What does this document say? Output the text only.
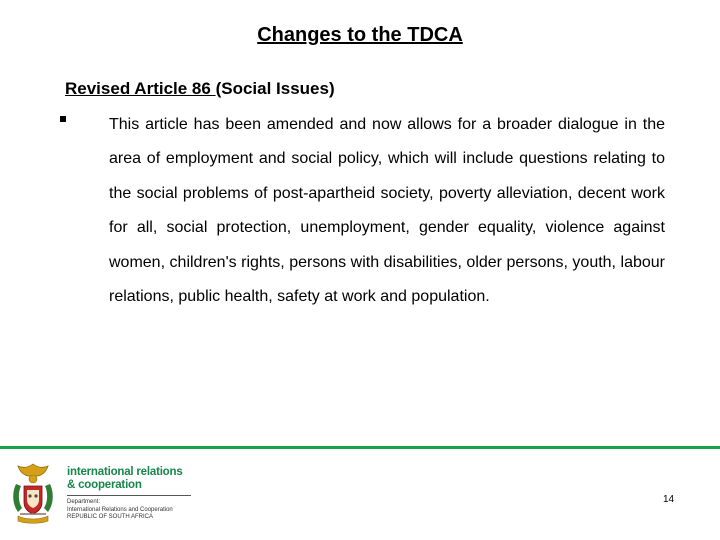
Changes to the TDCA
Revised Article 86 (Social Issues)

This article has been amended and now allows for a broader dialogue in the area of employment and social policy, which will include questions relating to the social problems of post-apartheid society, poverty alleviation, decent work for all, social protection, unemployment, gender equality, violence against women, children's rights, persons with disabilities, older persons, youth, labour relations, public health, safety at work and population.

international relations
& cooperation
Department:
International Relations and Cooperation
REPUBLIC OF SOUTH AFRICA
14
